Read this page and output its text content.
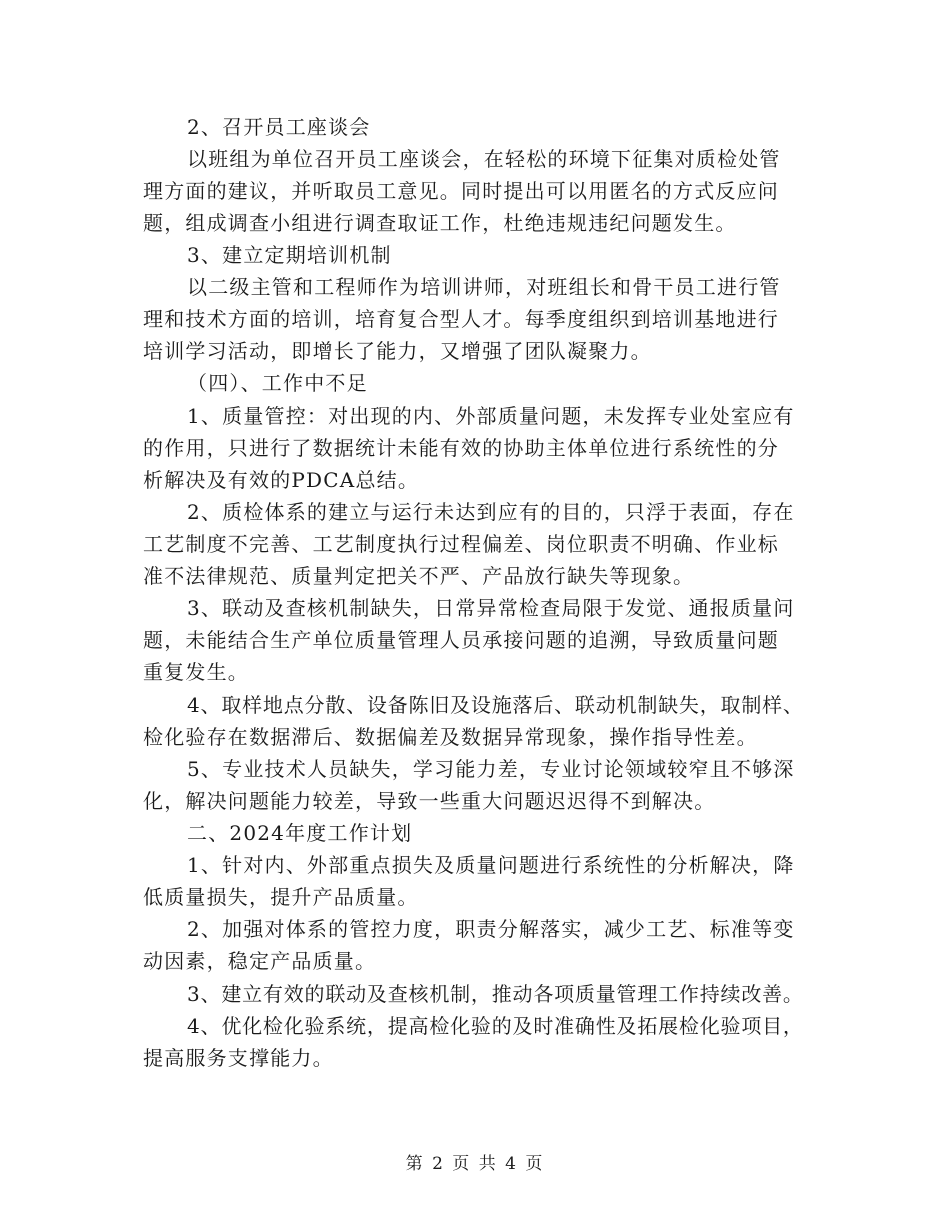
2、召开员工座谈会
以班组为单位召开员工座谈会，在轻松的环境下征集对质检处管
理方面的建议，并听取员工意见。同时提出可以用匿名的方式反应问
题，组成调查小组进行调查取证工作，杜绝违规违纪问题发生。
3、建立定期培训机制
以二级主管和工程师作为培训讲师，对班组长和骨干员工进行管
理和技术方面的培训，培育复合型人才。每季度组织到培训基地进行
培训学习活动，即增长了能力，又增强了团队凝聚力。
（四）、工作中不足
1、质量管控：对出现的内、外部质量问题，未发挥专业处室应有
的作用，只进行了数据统计未能有效的协助主体单位进行系统性的分
析解决及有效的PDCA总结。
2、质检体系的建立与运行未达到应有的目的，只浮于表面，存在
工艺制度不完善、工艺制度执行过程偏差、岗位职责不明确、作业标
准不法律规范、质量判定把关不严、产品放行缺失等现象。
3、联动及查核机制缺失，日常异常检查局限于发觉、通报质量问
题，未能结合生产单位质量管理人员承接问题的追溯，导致质量问题
重复发生。
4、取样地点分散、设备陈旧及设施落后、联动机制缺失，取制样、
检化验存在数据滞后、数据偏差及数据异常现象，操作指导性差。
5、专业技术人员缺失，学习能力差，专业讨论领域较窄且不够深
化，解决问题能力较差，导致一些重大问题迟迟得不到解决。
二、2024年度工作计划
1、针对内、外部重点损失及质量问题进行系统性的分析解决，降
低质量损失，提升产品质量。
2、加强对体系的管控力度，职责分解落实，减少工艺、标准等变
动因素，稳定产品质量。
3、建立有效的联动及查核机制，推动各项质量管理工作持续改善。
4、优化检化验系统，提高检化验的及时准确性及拓展检化验项目，
提高服务支撑能力。
第 2 页 共 4 页
